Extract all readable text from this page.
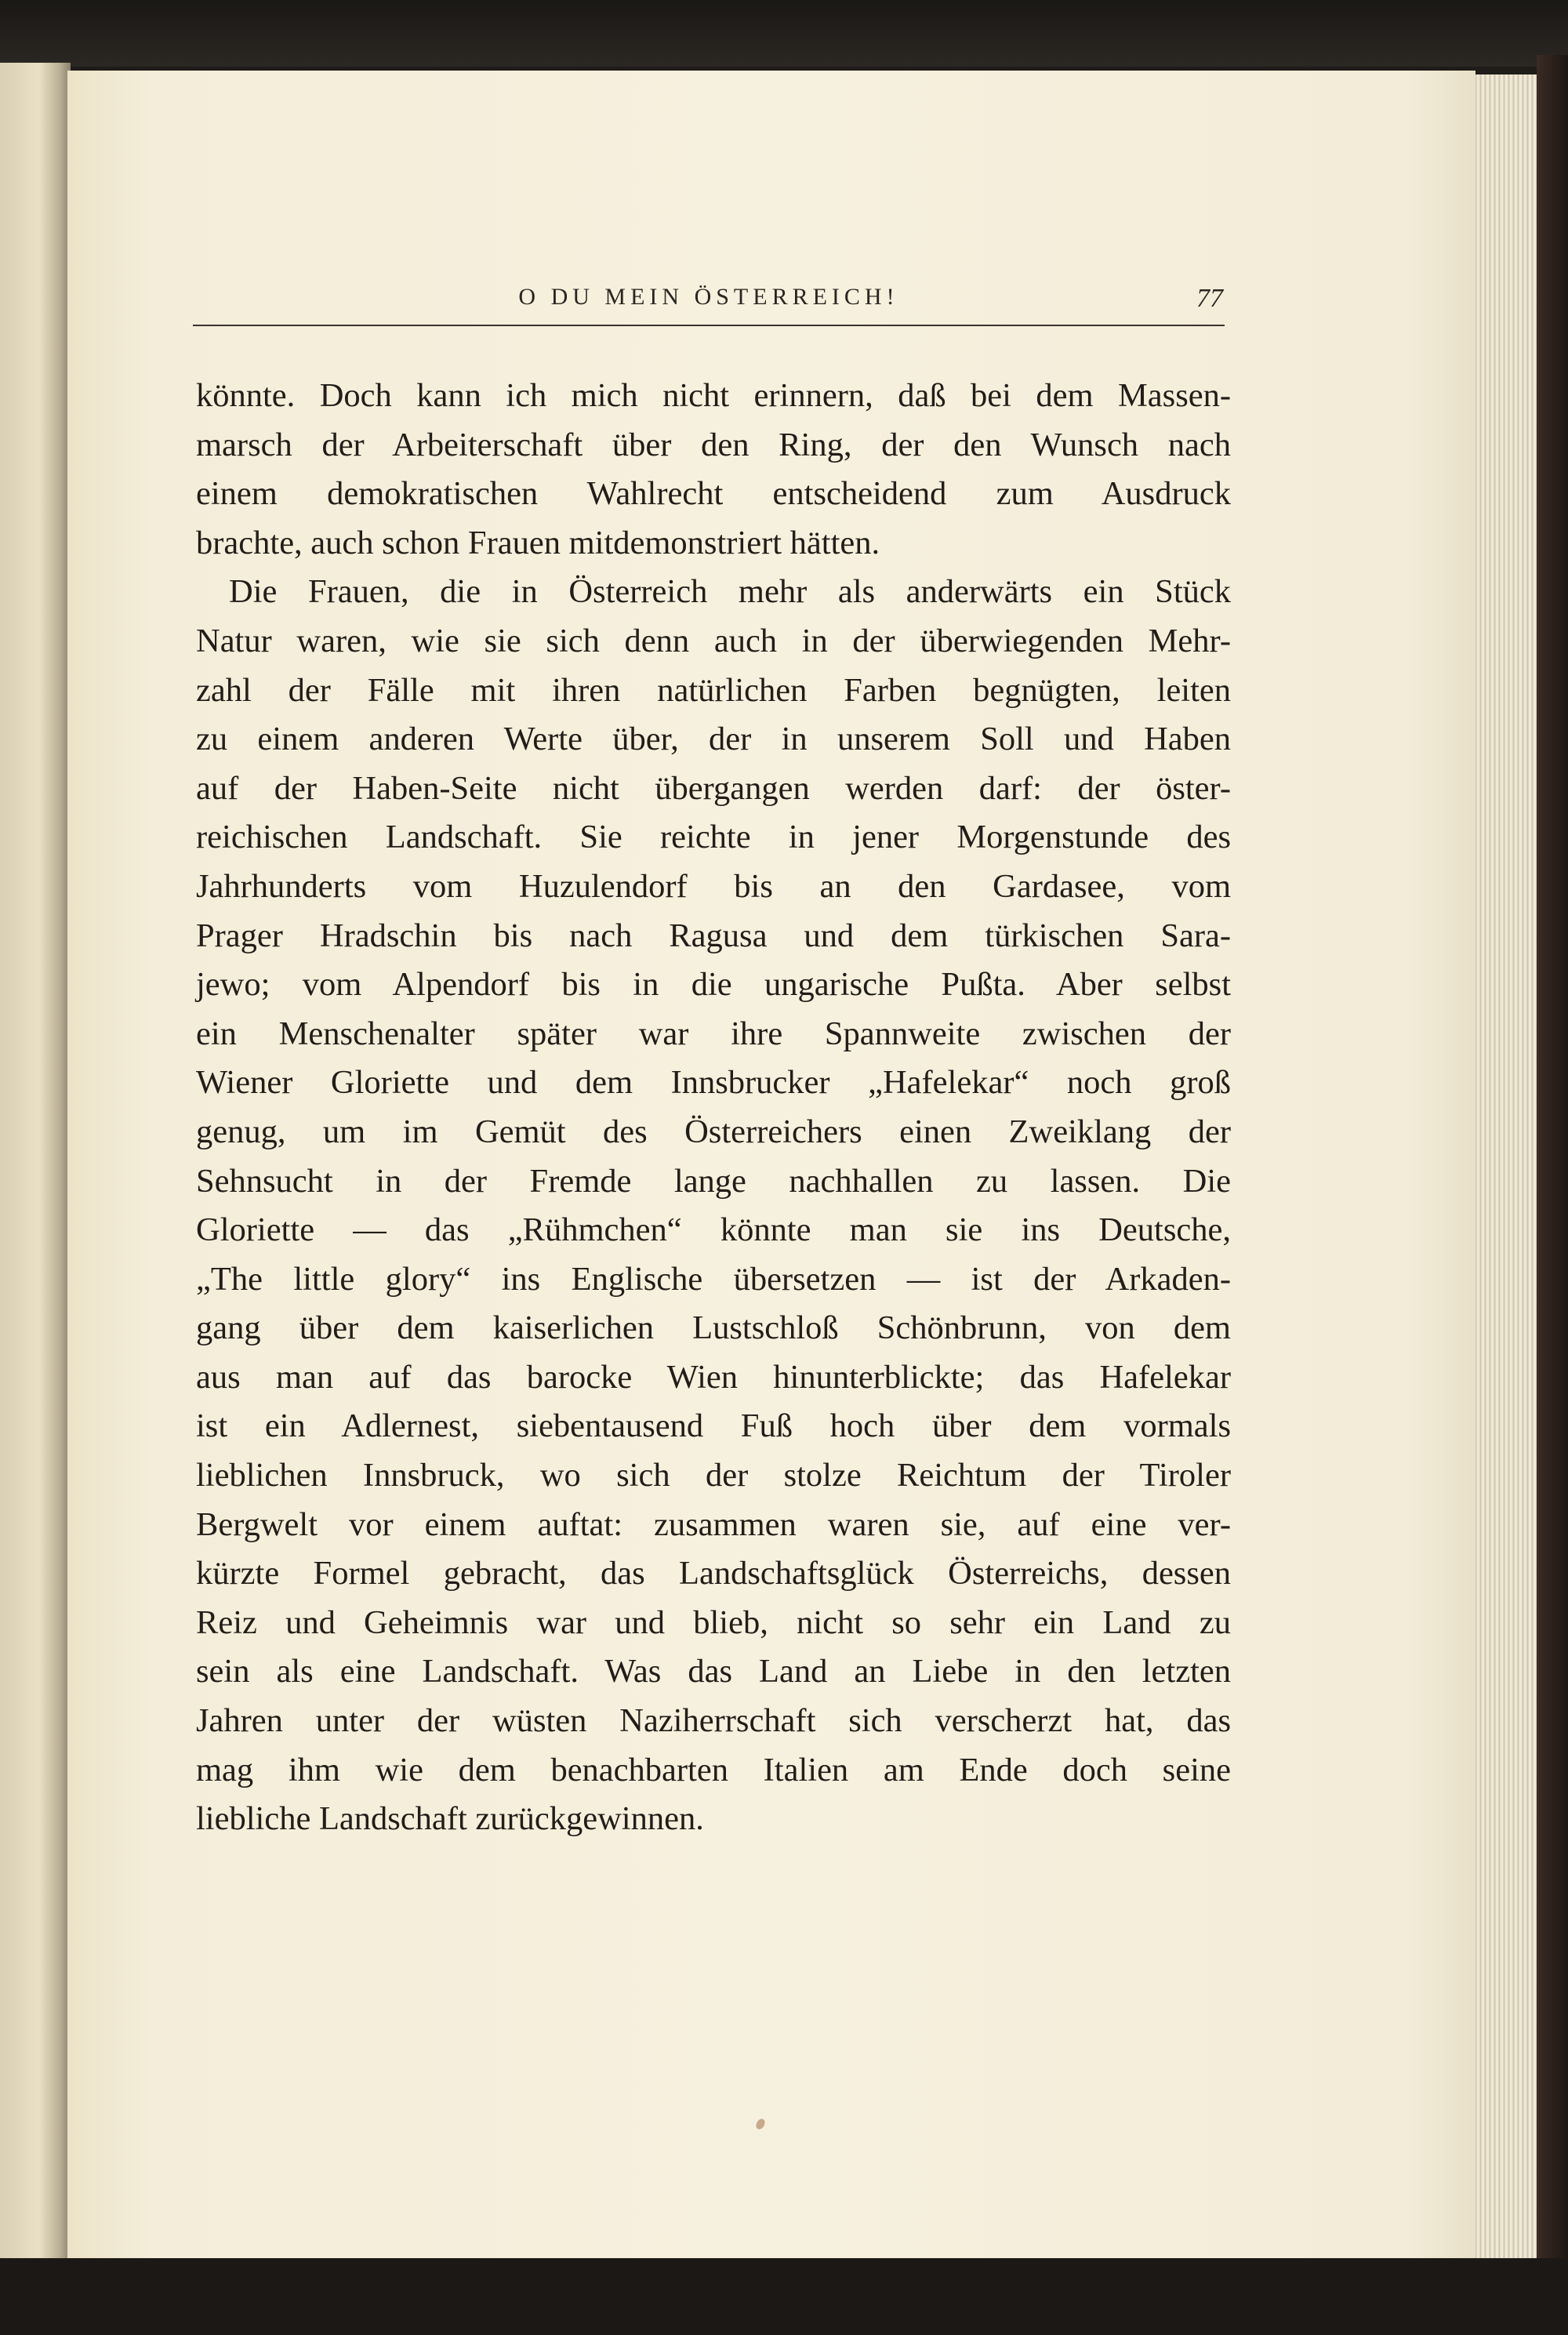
O DU MEIN ÖSTERREICH!	77
könnte. Doch kann ich mich nicht erinnern, daß bei dem Massen-
marsch der Arbeiterschaft über den Ring, der den Wunsch nach
einem demokratischen Wahlrecht entscheidend zum Ausdruck
brachte, auch schon Frauen mitdemonstriert hätten.
Die Frauen, die in Österreich mehr als anderwärts ein Stück
Natur waren, wie sie sich denn auch in der überwiegenden Mehr-
zahl der Fälle mit ihren natürlichen Farben begnügten, leiten
zu einem anderen Werte über, der in unserem Soll und Haben
auf der Haben-Seite nicht übergangen werden darf: der öster-
reichischen Landschaft. Sie reichte in jener Morgenstunde des
Jahrhunderts vom Huzulendorf bis an den Gardasee, vom
Prager Hradschin bis nach Ragusa und dem türkischen Sara-
jewo; vom Alpendorf bis in die ungarische Pußta. Aber selbst
ein Menschenalter später war ihre Spannweite zwischen der
Wiener Gloriette und dem Innsbrucker „Hafelekar“ noch groß
genug, um im Gemüt des Österreichers einen Zweiklang der
Sehnsucht in der Fremde lange nachhallen zu lassen. Die
Gloriette — das „Rühmchen“ könnte man sie ins Deutsche,
„The little glory“ ins Englische übersetzen — ist der Arkaden-
gang über dem kaiserlichen Lustschloß Schönbrunn, von dem
aus man auf das barocke Wien hinunterblickte; das Hafelekar
ist ein Adlernest, siebentausend Fuß hoch über dem vormals
lieblichen Innsbruck, wo sich der stolze Reichtum der Tiroler
Bergwelt vor einem auftat: zusammen waren sie, auf eine ver-
kürzte Formel gebracht, das Landschaftsglück Österreichs, dessen
Reiz und Geheimnis war und blieb, nicht so sehr ein Land zu
sein als eine Landschaft. Was das Land an Liebe in den letzten
Jahren unter der wüsten Naziherrschaft sich verscherzt hat, das
mag ihm wie dem benachbarten Italien am Ende doch seine
liebliche Landschaft zurückgewinnen.
